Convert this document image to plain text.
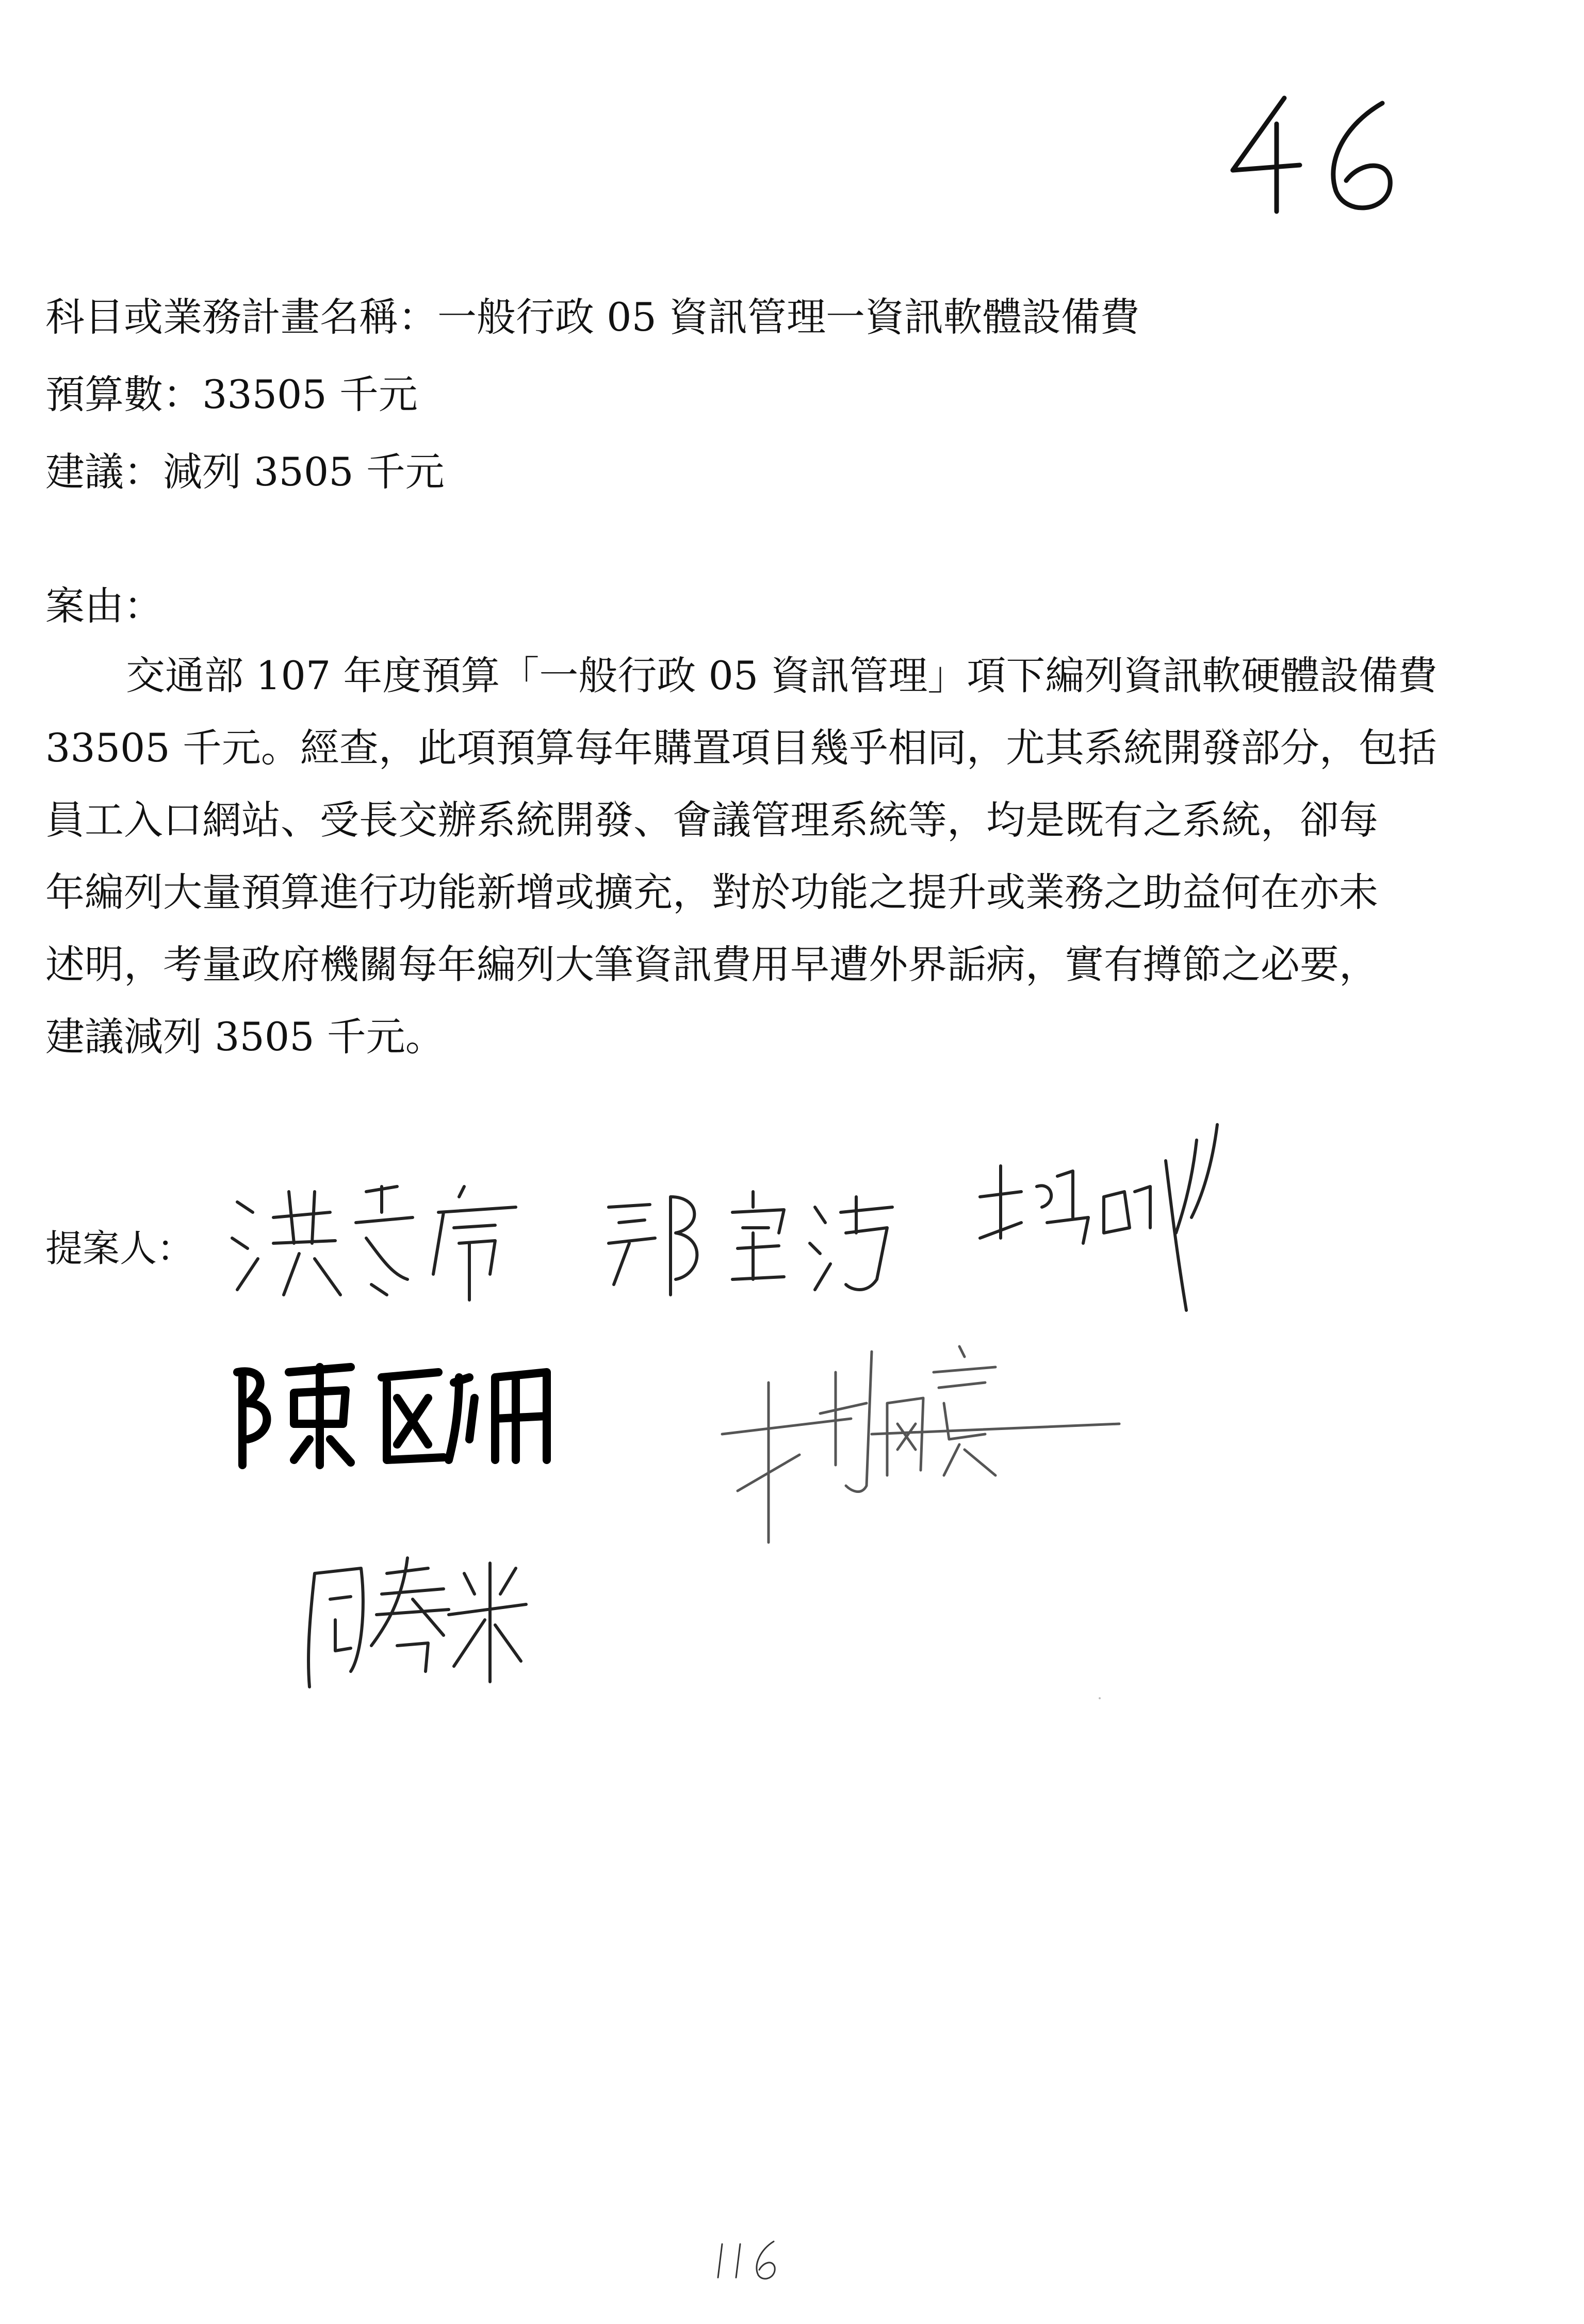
科目或業務計畫名稱：一般行政 05 資訊管理一資訊軟體設備費
預算數：33505 千元
建議：減列 3505 千元
案由：
交通部 107 年度預算「一般行政 05 資訊管理」項下編列資訊軟硬體設備費
33505 千元。經查，此項預算每年購置項目幾乎相同，尤其系統開發部分，包括
員工入口網站、受長交辦系統開發、會議管理系統等，均是既有之系統，卻每
年編列大量預算進行功能新增或擴充，對於功能之提升或業務之助益何在亦未
述明，考量政府機關每年編列大筆資訊費用早遭外界詬病，實有撙節之必要，
建議減列 3505 千元。
提案人：
